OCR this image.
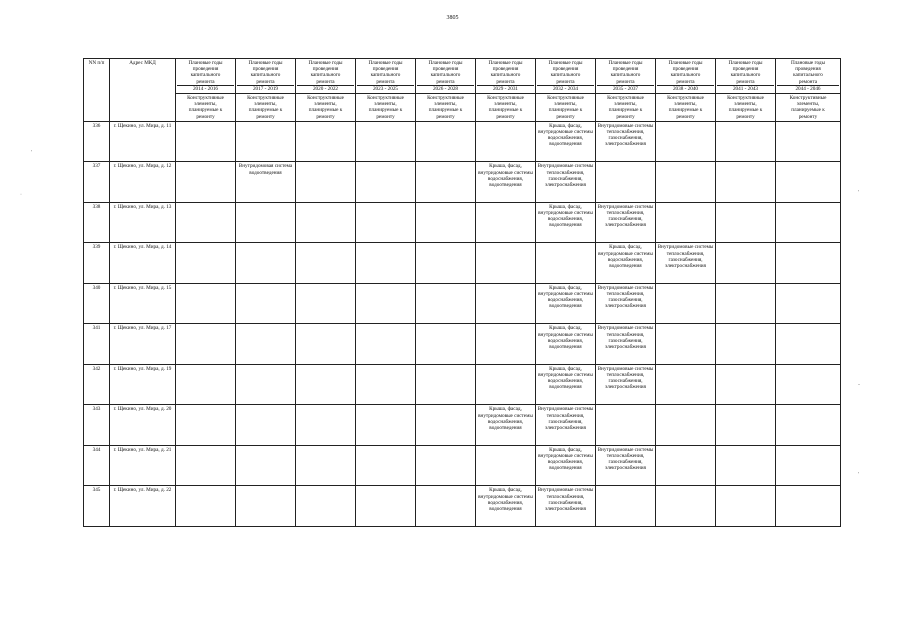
3805
NN п/п	Адрес МКД	Плановые годы
проведения
капитального
ремонта
2014 - 2016	Плановые годы
проведения
капитального
ремонта
2017 - 2019	Плановые годы
проведения
капитального
ремонта
2020 - 2022	Плановые годы
проведения
капитального
ремонта
2023 - 2025	Плановые годы
проведения
капитального
ремонта
2026 - 2028	Плановые годы
проведения
капитального
ремонта
2029 - 2031	Плановые годы
проведения
капитального
ремонта
2032 - 2034	Плановые годы
проведения
капитального
ремонта
2035 - 2037	Плановые годы
проведения
капитального
ремонта
2038 - 2040	Плановые годы
проведения
капитального
ремонта
2041 - 2043	Плановые годы
проведения
капитального
ремонта
2044 - 2046

		Конструктивные
элементы,
планируемые к
ремонту	Конструктивные
элементы,
планируемые к
ремонту	Конструктивные
элементы,
планируемые к
ремонту	Конструктивные
элементы,
планируемые к
ремонту	Конструктивные
элементы,
планируемые к
ремонту	Конструктивные
элементы,
планируемые к
ремонту	Конструктивные
элементы,
планируемые к
ремонту	Конструктивные
элементы,
планируемые к
ремонту	Конструктивные
элементы,
планируемые к
ремонту	Конструктивные
элементы,
планируемые к
ремонту	Конструктивные
элементы,
планируемые к
ремонту

336	г. Щекино, ул. Мира, д. 11							Крыша, фасад, внутридомовые системы водоснабжения, водоотведения	Внутридомовые системы теплоснабжения, газоснабжения, электроснабжения			
337	г. Щекино, ул. Мира, д. 12		Внутридомовая система водоотведения				Крыша, фасад, внутридомовые системы водоснабжения, водоотведения	Внутридомовые системы теплоснабжения, газоснабжения, электроснабжения				
338	г. Щекино, ул. Мира, д. 13							Крыша, фасад, внутридомовые системы водоснабжения, водоотведения	Внутридомовые системы теплоснабжения, газоснабжения, электроснабжения			
339	г. Щекино, ул. Мира, д. 14								Крыша, фасад, внутридомовые системы водоснабжения, водоотведения	Внутридомовые системы теплоснабжения, газоснабжения, электроснабжения		
340	г. Щекино, ул. Мира, д. 15							Крыша, фасад, внутридомовые системы водоснабжения, водоотведения	Внутридомовые системы теплоснабжения, газоснабжения, электроснабжения			
341	г. Щекино, ул. Мира, д. 17							Крыша, фасад, внутридомовые системы водоснабжения, водоотведения	Внутридомовые системы теплоснабжения, газоснабжения, электроснабжения			
342	г. Щекино, ул. Мира, д. 19							Крыша, фасад, внутридомовые системы водоснабжения, водоотведения	Внутридомовые системы теплоснабжения, газоснабжения, электроснабжения			
343	г. Щекино, ул. Мира, д. 20						Крыша, фасад, внутридомовые системы водоснабжения, водоотведения	Внутридомовые системы теплоснабжения, газоснабжения, электроснабжения				
344	г. Щекино, ул. Мира, д. 21							Крыша, фасад, внутридомовые системы водоснабжения, водоотведения	Внутридомовые системы теплоснабжения, газоснабжения, электроснабжения			
345	г. Щекино, ул. Мира, д. 22						Крыша, фасад, внутридомовые системы водоснабжения, водоотведения	Внутридомовые системы теплоснабжения, газоснабжения, электроснабжения				
′
·	'
-
'
